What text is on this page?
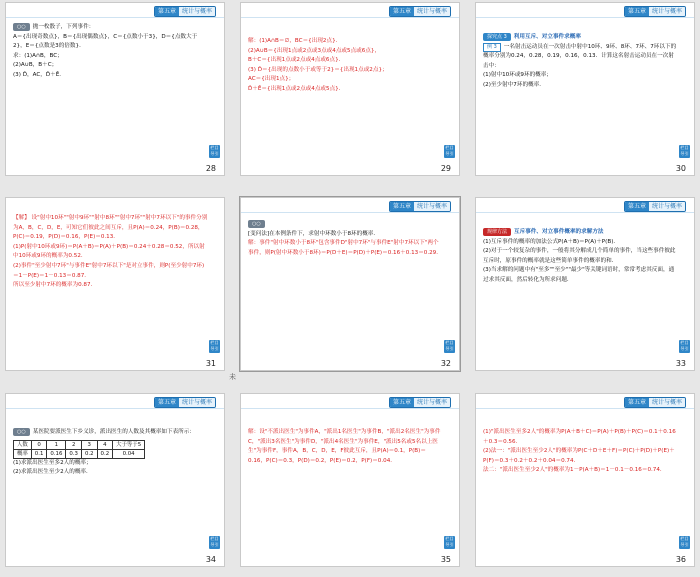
第五章	统计与概率

○○ 抛一枚骰子，下列事件：

A＝{出现奇数点}，B＝{出现偶数点}，C＝{点数小于3}，D＝{点数大于2}，E＝{点数是3的倍数}．

求：(1)A∩B，BC；

(2)A∪B，B＋C；

(3) D̄，AC，D̄＋Ē．

栏目导引
28
第五章	统计与概率

解：(1)A∩B＝∅，BC＝{出现2点}．

(2)A∪B＝{出现1点或2点或3点或4点或5点或6点}，

B＋C＝{出现1点或2点或4点或6点}．

(3) D̄＝{出现的点数小于或等于2}＝{出现1点或2点}；

AC＝{出现1点}；

D̄＋Ē＝{出现1点或2点或4点或5点}．

栏目导引
29
第五章	统计与概率

探究点 3 利用互斥、对立事件求概率

例 3 一名射击运动员在一次射击中射中10环、9环、8环、7环、7环以下的概率分别为0.24，0.28，0.19，0.16，0.13．计算这名射击运动员在一次射击中：

(1)射中10环或9环的概率；

(2)至少射中7环的概率．

栏目导引
30

【解】 设"射中10环""射中9环""射中8环""射中7环""射中7环以下"的事件分别为A，B，C，D，E，可知它们彼此之间互斥，且P(A)＝0.24，P(B)＝0.28，P(C)＝0.19，P(D)＝0.16，P(E)＝0.13．

(1)P(射中10环或9环)＝P(A＋B)＝P(A)＋P(B)＝0.24＋0.28＝0.52，所以射中10环或9环的概率为0.52．

(2)事件"至少射中7环"与事件E"射中7环以下"是对立事件，则P(至少射中7环)＝1－P(E)＝1－0.13＝0.87．

所以至少射中7环的概率为0.87．

栏目导引
31
第五章	统计与概率

○○

[变问法]在本例条件下，求射中环数小于8环的概率．

解：事件"射中环数小于8环"包含事件D"射中7环"与事件E"射中7环以下"两个事件，则P(射中环数小于8环)＝P(D＋E)＝P(D)＋P(E)＝0.16＋0.13＝0.29．

栏目导引
32
未
第五章	统计与概率

规律方法 互斥事件、对立事件概率的求解方法

(1)互斥事件的概率的加法公式P(A＋B)＝P(A)＋P(B)．

(2)对于一个较复杂的事件，一般将其分解成几个简单的事件，当这些事件彼此互斥时，原事件的概率就是这些简单事件的概率的和．

(3)当求解的问题中有"至多""至少""最少"等关键词语时，常常考虑其反面，通过求其反面，然后转化为所求问题．

栏目导引
33
第五章	统计与概率

○○ 某医院要派医生下乡义诊，派出医生的人数及其概率如下表所示：

人数	0	1	2	3	4	大于等于5
概率	0.1	0.16	0.3	0.2	0.2	0.04

(1)求派出医生至多2人的概率；

(2)求派出医生至少2人的概率．

栏目导引
34
第五章	统计与概率

解：设"不派出医生"为事件A，"派出1名医生"为事件B，"派出2名医生"为事件C，"派出3名医生"为事件D，"派出4名医生"为事件E，"派出5名或5名以上医生"为事件F，事件A，B，C，D，E，F彼此互斥，且P(A)＝0.1，P(B)＝0.16，P(C)＝0.3，P(D)＝0.2，P(E)＝0.2，P(F)＝0.04．

栏目导引
35
第五章	统计与概率

(1)"派出医生至多2人"的概率为P(A＋B＋C)＝P(A)＋P(B)＋P(C)＝0.1＋0.16＋0.3＝0.56．

(2)法一："派出医生至少2人"的概率为P(C＋D＋E＋F)＝P(C)＋P(D)＋P(E)＋P(F)＝0.3＋0.2＋0.2＋0.04＝0.74．

法二："派出医生至少2人"的概率为1－P(A＋B)＝1－0.1－0.16＝0.74．

栏目导引
36
